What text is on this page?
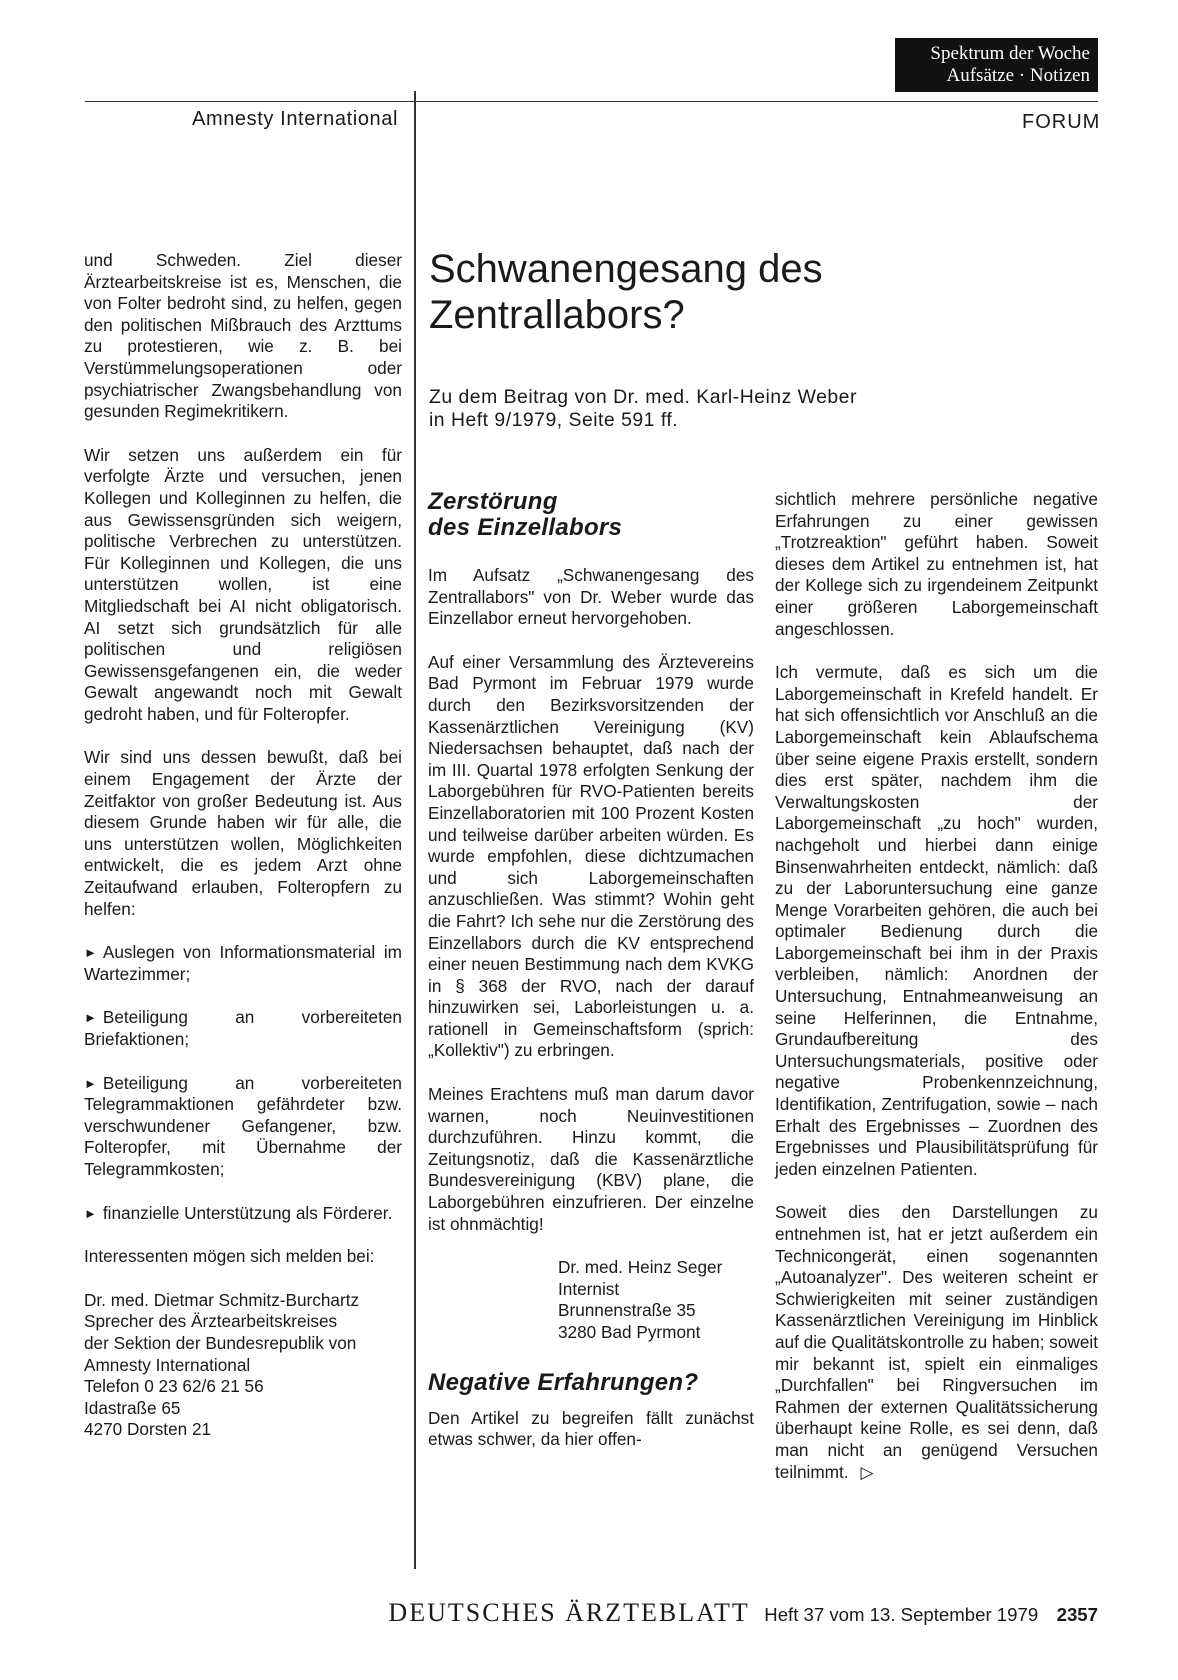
Spektrum der Woche
Aufsätze · Notizen
Amnesty International	FORUM

und Schweden. Ziel dieser Ärztearbeitskreise ist es, Menschen, die von Folter bedroht sind, zu helfen, gegen den politischen Mißbrauch des Arzttums zu protestieren, wie z. B. bei Verstümmelungsoperationen oder psychiatrischer Zwangsbehandlung von gesunden Regimekritikern.

Wir setzen uns außerdem ein für verfolgte Ärzte und versuchen, jenen Kollegen und Kolleginnen zu helfen, die aus Gewissensgründen sich weigern, politische Verbrechen zu unterstützen. Für Kolleginnen und Kollegen, die uns unterstützen wollen, ist eine Mitgliedschaft bei AI nicht obligatorisch. AI setzt sich grundsätzlich für alle politischen und religiösen Gewissensgefangenen ein, die weder Gewalt angewandt noch mit Gewalt gedroht haben, und für Folteropfer.

Wir sind uns dessen bewußt, daß bei einem Engagement der Ärzte der Zeitfaktor von großer Bedeutung ist. Aus diesem Grunde haben wir für alle, die uns unterstützen wollen, Möglichkeiten entwickelt, die es jedem Arzt ohne Zeitaufwand erlauben, Folteropfern zu helfen:

► Auslegen von Informationsmaterial im Wartezimmer;

► Beteiligung an vorbereiteten Briefaktionen;

► Beteiligung an vorbereiteten Telegrammaktionen gefährdeter bzw. verschwundener Gefangener, bzw. Folteropfer, mit Übernahme der Telegrammkosten;

► finanzielle Unterstützung als Förderer.

Interessenten mögen sich melden bei:

Dr. med. Dietmar Schmitz-Burchartz
Sprecher des Ärztearbeitskreises
der Sektion der Bundesrepublik von
Amnesty International
Telefon 0 23 62/6 21 56
Idastraße 65
4270 Dorsten 21
Schwanengesang des
Zentrallabors?
Zu dem Beitrag von Dr. med. Karl-Heinz Weber
in Heft 9/1979, Seite 591 ff.
Zerstörung
des Einzellabors

Im Aufsatz „Schwanengesang des Zentrallabors" von Dr. Weber wurde das Einzellabor erneut hervorgehoben.

Auf einer Versammlung des Ärztevereins Bad Pyrmont im Februar 1979 wurde durch den Bezirksvorsitzenden der Kassenärztlichen Vereinigung (KV) Niedersachsen behauptet, daß nach der im III. Quartal 1978 erfolgten Senkung der Laborgebühren für RVO-Patienten bereits Einzellaboratorien mit 100 Prozent Kosten und teilweise darüber arbeiten würden. Es wurde empfohlen, diese dichtzumachen und sich Laborgemeinschaften anzuschließen. Was stimmt? Wohin geht die Fahrt? Ich sehe nur die Zerstörung des Einzellabors durch die KV entsprechend einer neuen Bestimmung nach dem KVKG in § 368 der RVO, nach der darauf hinzuwirken sei, Laborleistungen u. a. rationell in Gemeinschaftsform (sprich: „Kollektiv") zu erbringen.

Meines Erachtens muß man darum davor warnen, noch Neuinvestitionen durchzuführen. Hinzu kommt, die Zeitungsnotiz, daß die Kassenärztliche Bundesvereinigung (KBV) plane, die Laborgebühren einzufrieren. Der einzelne ist ohnmächtig!

Dr. med. Heinz Seger
Internist
Brunnenstraße 35
3280 Bad Pyrmont
Negative Erfahrungen?

Den Artikel zu begreifen fällt zunächst etwas schwer, da hier offen-

sichtlich mehrere persönliche negative Erfahrungen zu einer gewissen „Trotzreaktion" geführt haben. Soweit dieses dem Artikel zu entnehmen ist, hat der Kollege sich zu irgendeinem Zeitpunkt einer größeren Laborgemeinschaft angeschlossen.

Ich vermute, daß es sich um die Laborgemeinschaft in Krefeld handelt. Er hat sich offensichtlich vor Anschluß an die Laborgemeinschaft kein Ablaufschema über seine eigene Praxis erstellt, sondern dies erst später, nachdem ihm die Verwaltungskosten der Laborgemeinschaft „zu hoch" wurden, nachgeholt und hierbei dann einige Binsenwahrheiten entdeckt, nämlich: daß zu der Laboruntersuchung eine ganze Menge Vorarbeiten gehören, die auch bei optimaler Bedienung durch die Laborgemeinschaft bei ihm in der Praxis verbleiben, nämlich: Anordnen der Untersuchung, Entnahmeanweisung an seine Helferinnen, die Entnahme, Grundaufbereitung des Untersuchungsmaterials, positive oder negative Probenkennzeichnung, Identifikation, Zentrifugation, sowie – nach Erhalt des Ergebnisses – Zuordnen des Ergebnisses und Plausibilitätsprüfung für jeden einzelnen Patienten.

Soweit dies den Darstellungen zu entnehmen ist, hat er jetzt außerdem ein Technicongerät, einen sogenannten „Autoanalyzer". Des weiteren scheint er Schwierigkeiten mit seiner zuständigen Kassenärztlichen Vereinigung im Hinblick auf die Qualitätskontrolle zu haben; soweit mir bekannt ist, spielt ein einmaliges „Durchfallen" bei Ringversuchen im Rahmen der externen Qualitätssicherung überhaupt keine Rolle, es sei denn, daß man nicht an genügend Versuchen teilnimmt. ▷

DEUTSCHES ÄRZTEBLATT Heft 37 vom 13. September 1979 2357
